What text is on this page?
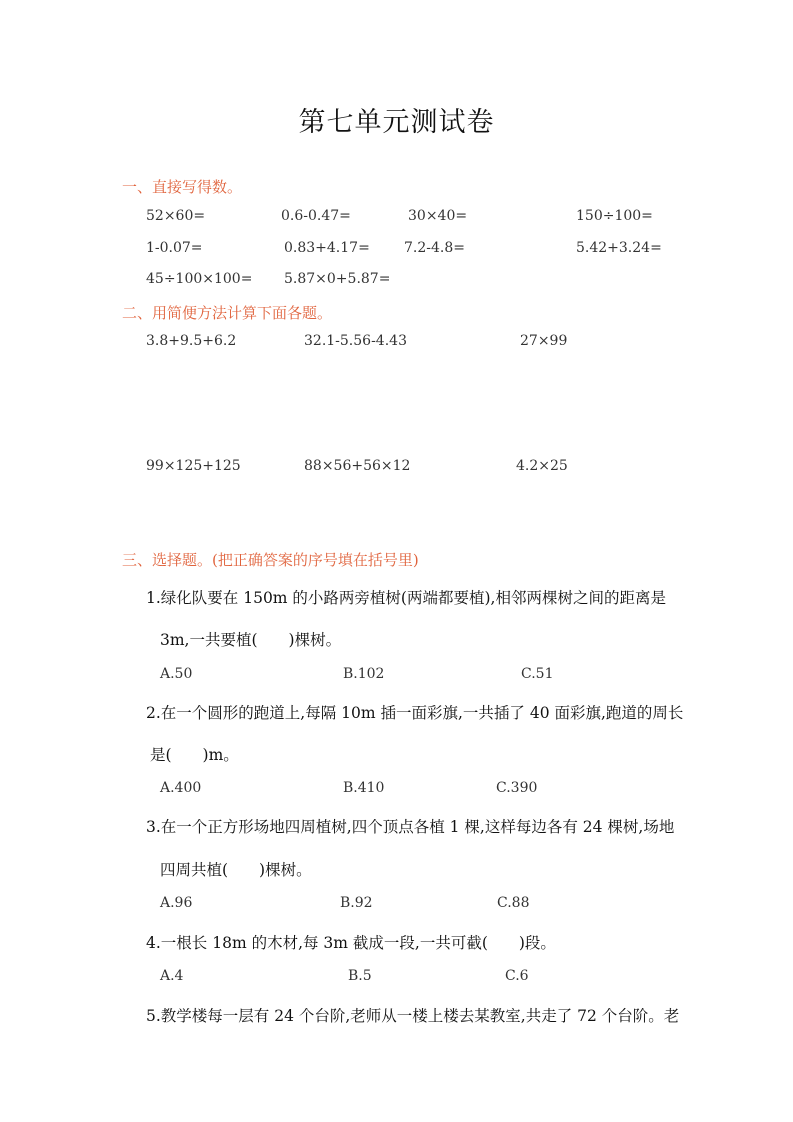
第七单元测试卷
一、直接写得数。
52×60=	0.6-0.47=	30×40=	150÷100=
1-0.07=	0.83+4.17= 7.2-4.8=	5.42+3.24=
45÷100×100= 5.87×0+5.87=
二、用简便方法计算下面各题。
3.8+9.5+6.2	32.1-5.56-4.43	27×99
99×125+125	88×56+56×12	4.2×25
三、选择题。(把正确答案的序号填在括号里)
1.绿化队要在 150m 的小路两旁植树(两端都要植),相邻两棵树之间的距离是
3m,一共要植(　　)棵树。
A.50	B.102	C.51
2.在一个圆形的跑道上,每隔 10m 插一面彩旗,一共插了 40 面彩旗,跑道的周长
是(　　)m。
A.400	B.410	C.390
3.在一个正方形场地四周植树,四个顶点各植 1 棵,这样每边各有 24 棵树,场地
四周共植(　　)棵树。
A.96	B.92	C.88
4.一根长 18m 的木材,每 3m 截成一段,一共可截(　　)段。
A.4	B.5	C.6
5.教学楼每一层有 24 个台阶,老师从一楼上楼去某教室,共走了 72 个台阶。老
